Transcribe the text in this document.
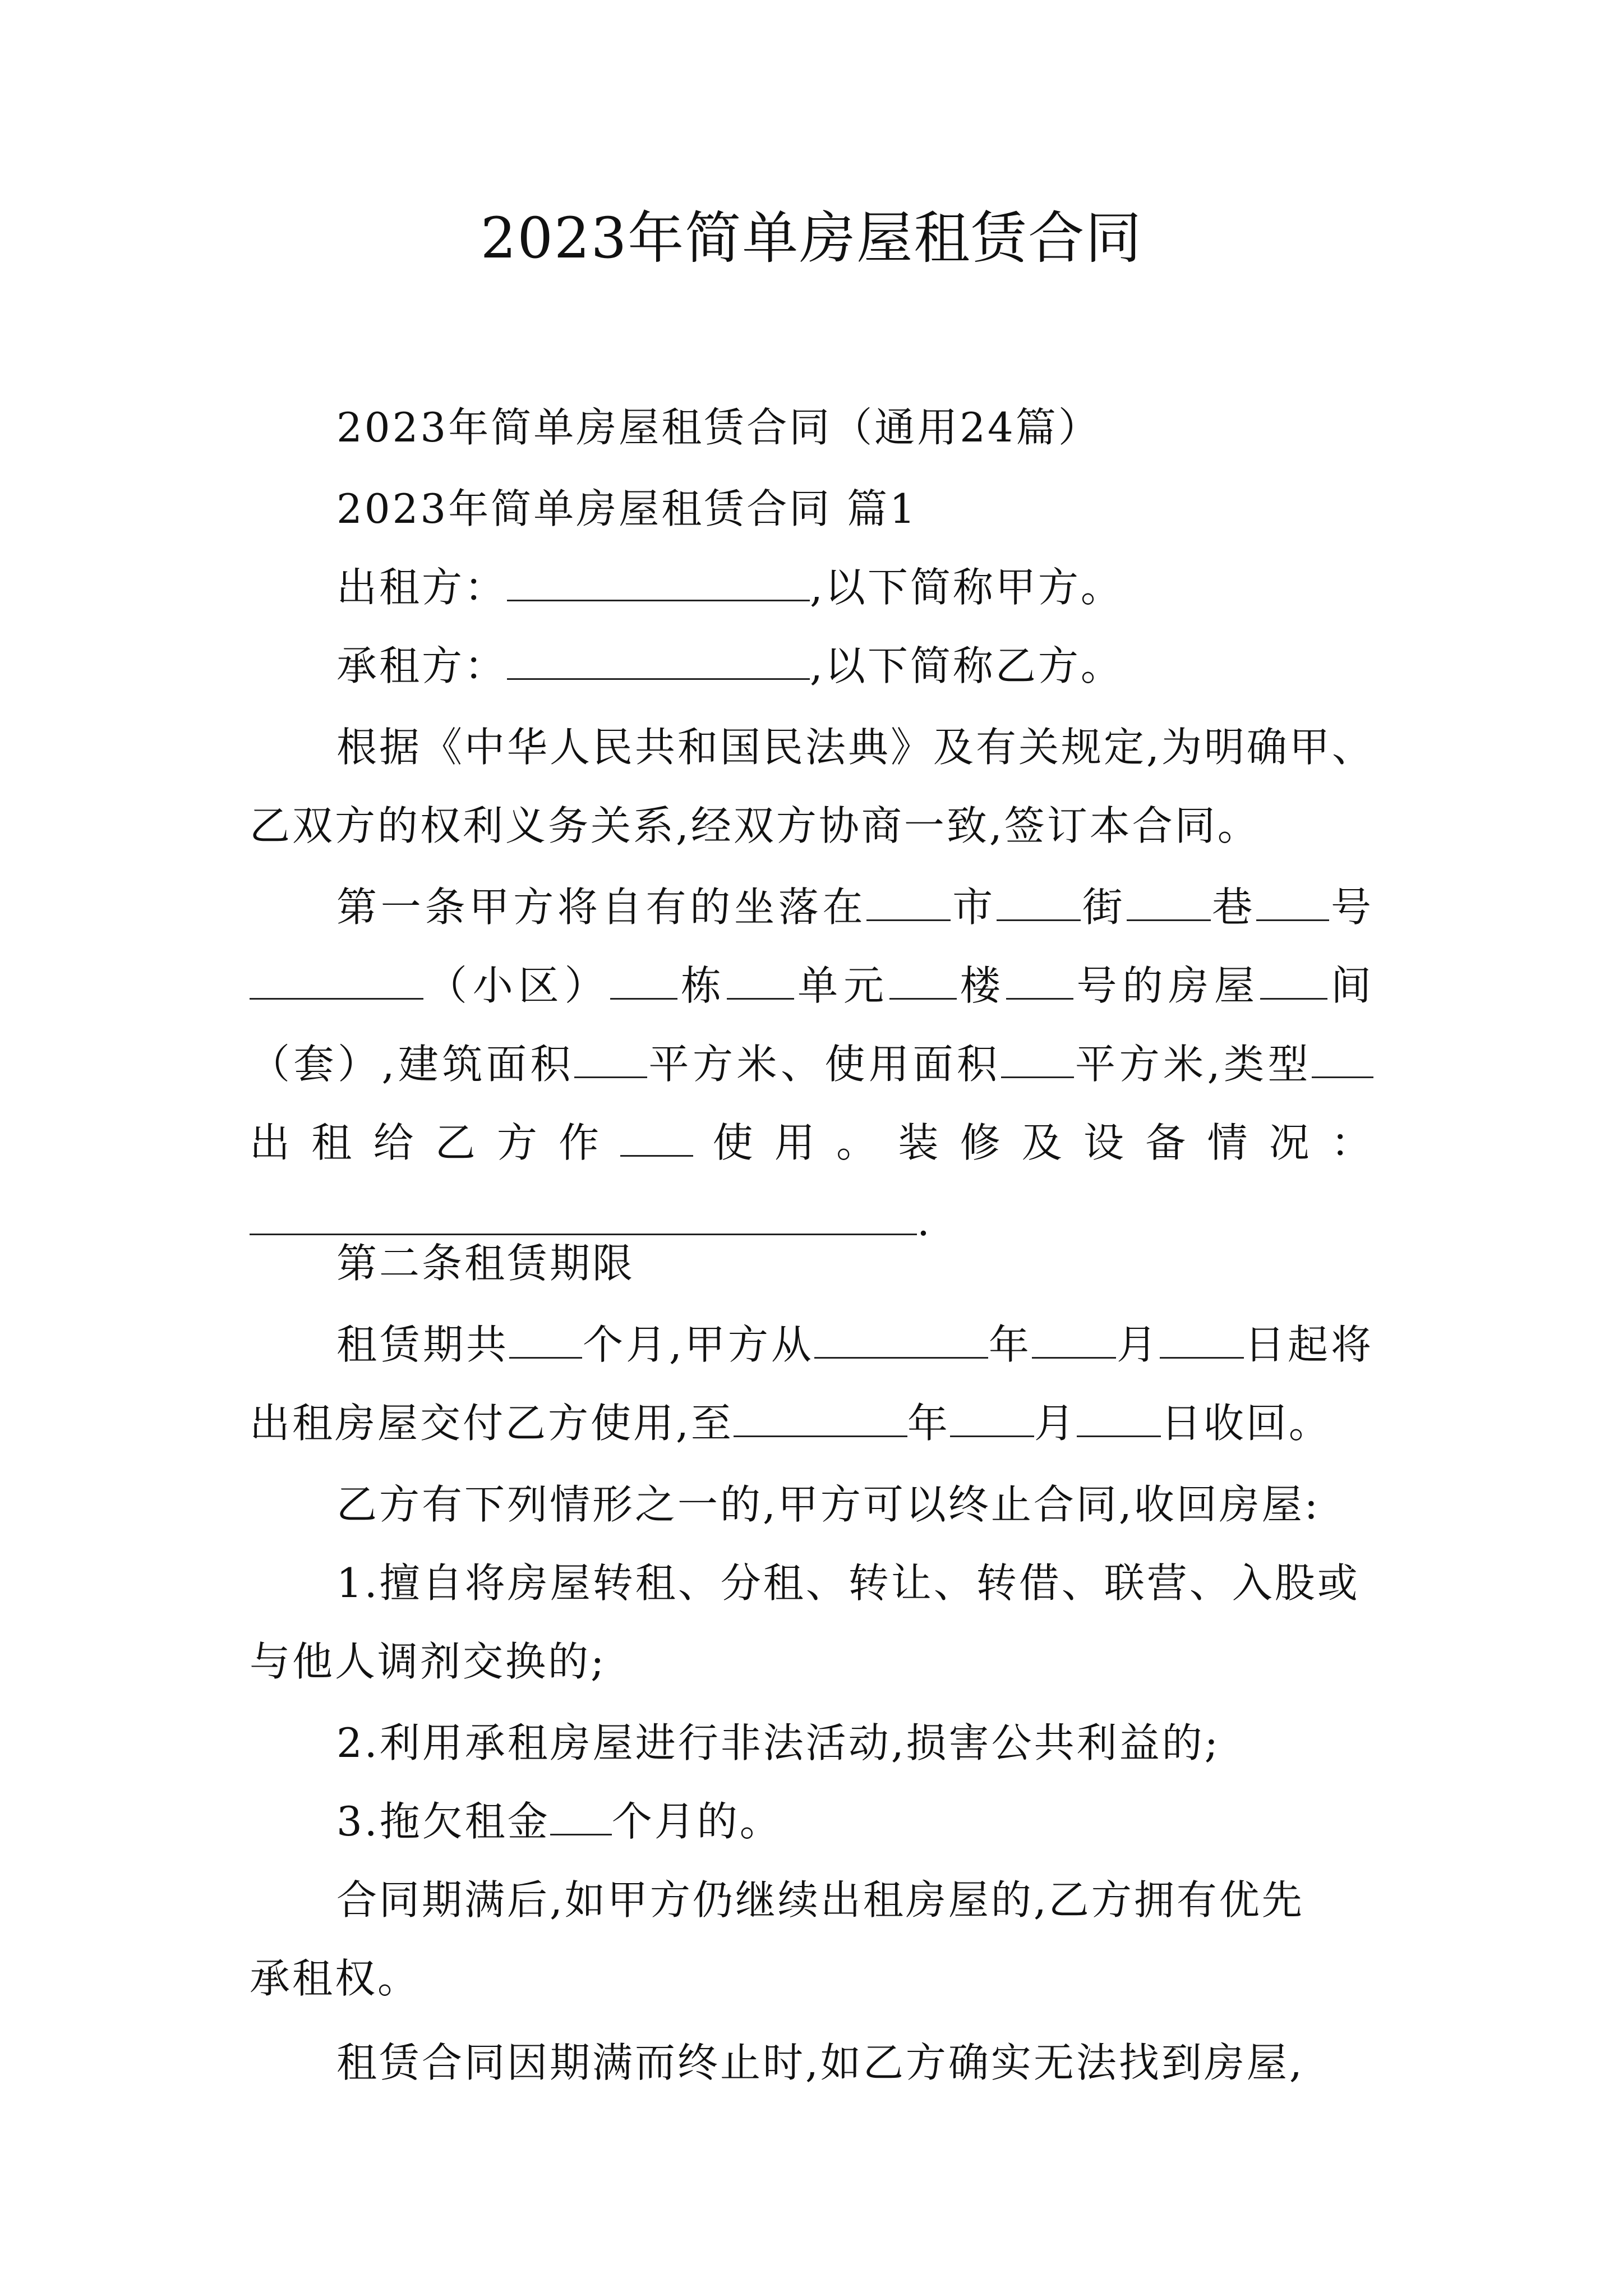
2023年简单房屋租赁合同
2023年简单房屋租赁合同（通用24篇）
2023年简单房屋租赁合同 篇1
出租方：	,以下简称甲方。
承租方：	,以下简称乙方。
根据《中华人民共和国民法典》及有关规定,为明确甲、
乙双方的权利义务关系,经双方协商一致,签订本合同。
第一条甲方将自有的坐落在 市 街 巷 号
（小区） 栋 单元 楼 号的房屋 间
（套）,建筑面积 平方米、使用面积 平方米,类型
出租给乙方作 使用。装修及设备情况：
.
第二条租赁期限
租赁期共 个月,甲方从	年 月 日起将
出租房屋交付乙方使用,至	年 月 日收回。
乙方有下列情形之一的,甲方可以终止合同,收回房屋:
1.擅自将房屋转租、分租、转让、转借、联营、入股或
与他人调剂交换的;
2.利用承租房屋进行非法活动,损害公共利益的;
3.拖欠租金 个月的。
合同期满后,如甲方仍继续出租房屋的,乙方拥有优先
承租权。
租赁合同因期满而终止时,如乙方确实无法找到房屋,
